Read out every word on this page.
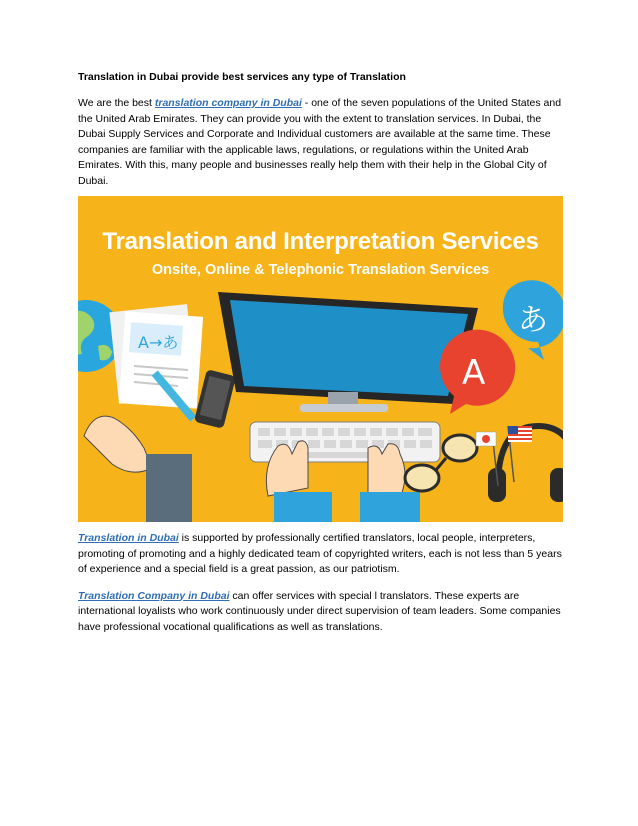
Translation in Dubai provide best services any type of Translation

We are the best translation company in Dubai - one of the seven populations of the United States and the United Arab Emirates. They can provide you with the extent to translation services. In Dubai, the Dubai Supply Services and Corporate and Individual customers are available at the same time. These companies are familiar with the applicable laws, regulations, or regulations within the United Arab Emirates. With this, many people and businesses really help them with their help in the Global City of Dubai.

A→あ
A
あ
Translation and Interpretation Services
Onsite, Online & Telephonic Translation Services

Translation in Dubai is supported by professionally certified translators, local people, interpreters, promoting of promoting and a highly dedicated team of copyrighted writers, each is not less than 5 years of experience and a special field is a great passion, as our patriotism.

Translation Company in Dubai can offer services with special l translators. These experts are international loyalists who work continuously under direct supervision of team leaders. Some companies have professional vocational qualifications as well as translations.
